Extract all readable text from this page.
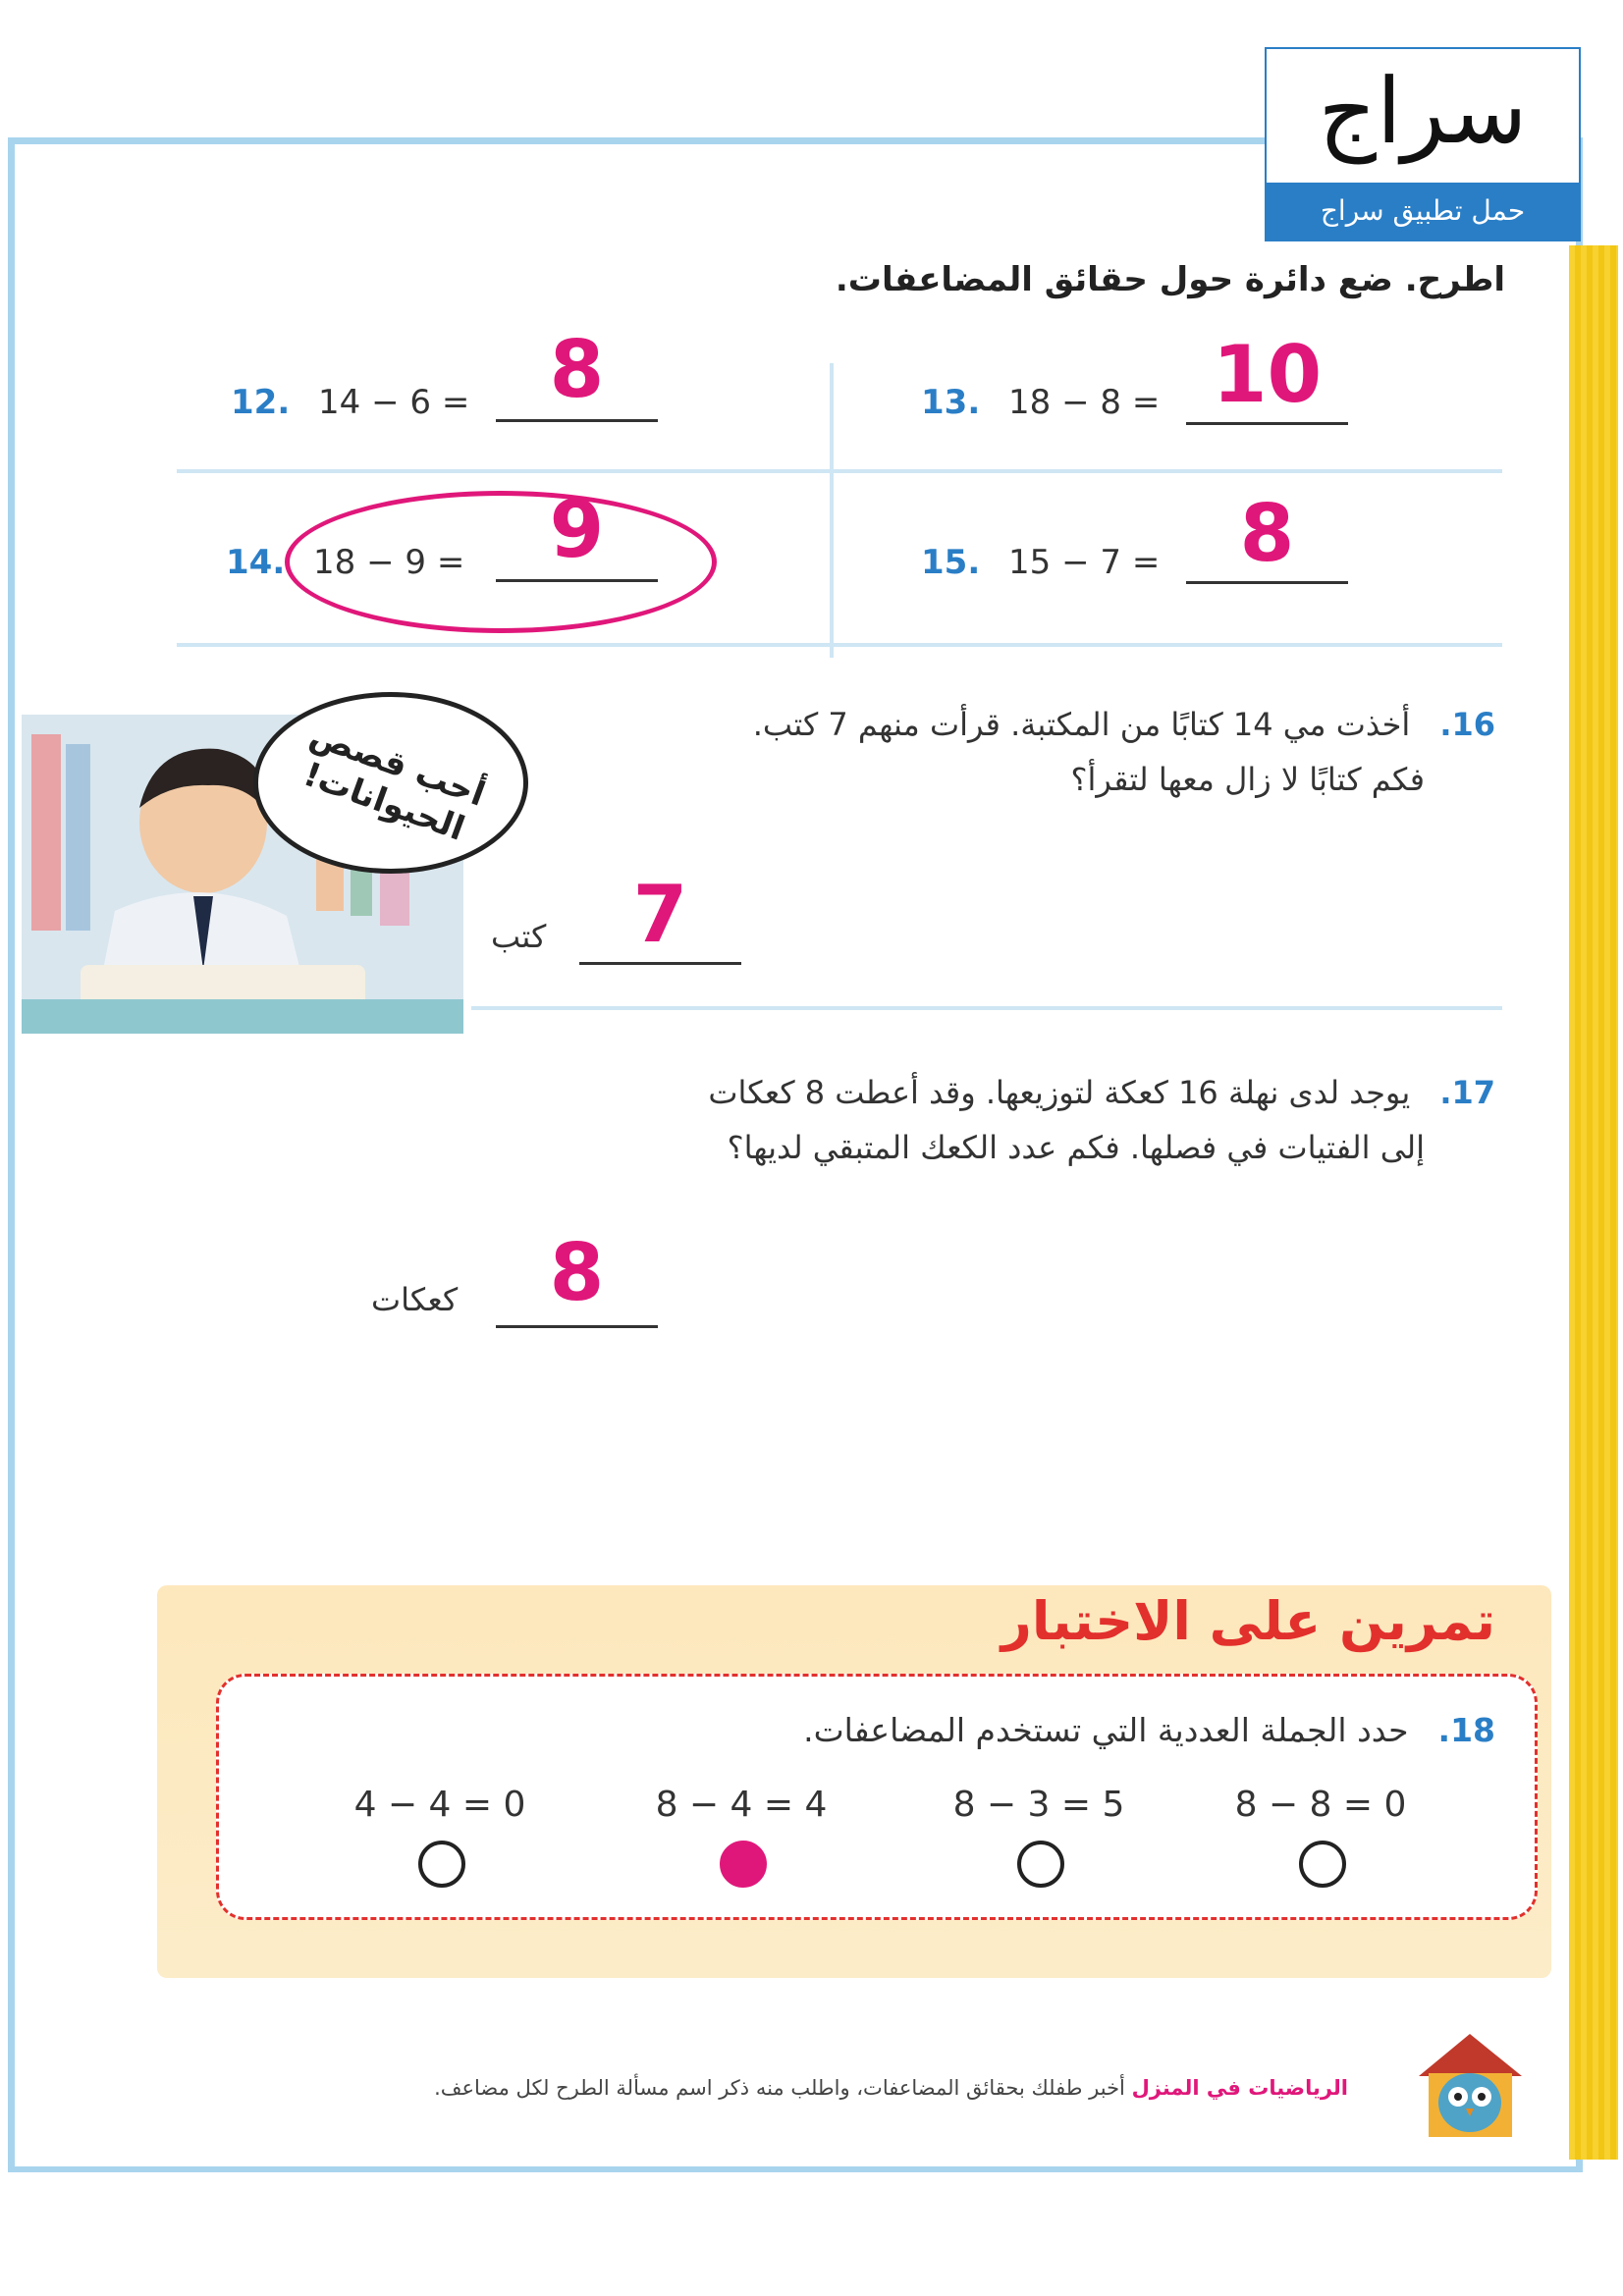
سراج
حمل تطبيق سراج
اطرح. ضع دائرة حول حقائق المضاعفات.
12. 14 − 6 =	8	13. 18 − 8 = 10
14. 18 − 9 =	9	15. 15 − 7 =	8
أحب قصص الحيوانات!
16.أخذت مي 14 كتابًا من المكتبة. قرأت منهم 7 كتب.
فكم كتابًا لا زال معها لتقرأ؟
7
كتب
17.يوجد لدى نهلة 16 كعكة لتوزيعها. وقد أعطت 8 كعكات
إلى الفتيات في فصلها. فكم عدد الكعك المتبقي لديها؟
8
كعكات
تمرين على الاختبار
18.حدد الجملة العددية التي تستخدم المضاعفات.
8 − 8 = 0
8 − 3 = 5
8 − 4 = 4
4 − 4 = 0
الرياضيات في المنزل أخبر طفلك بحقائق المضاعفات، واطلب منه ذكر اسم مسألة الطرح لكل مضاعف.
